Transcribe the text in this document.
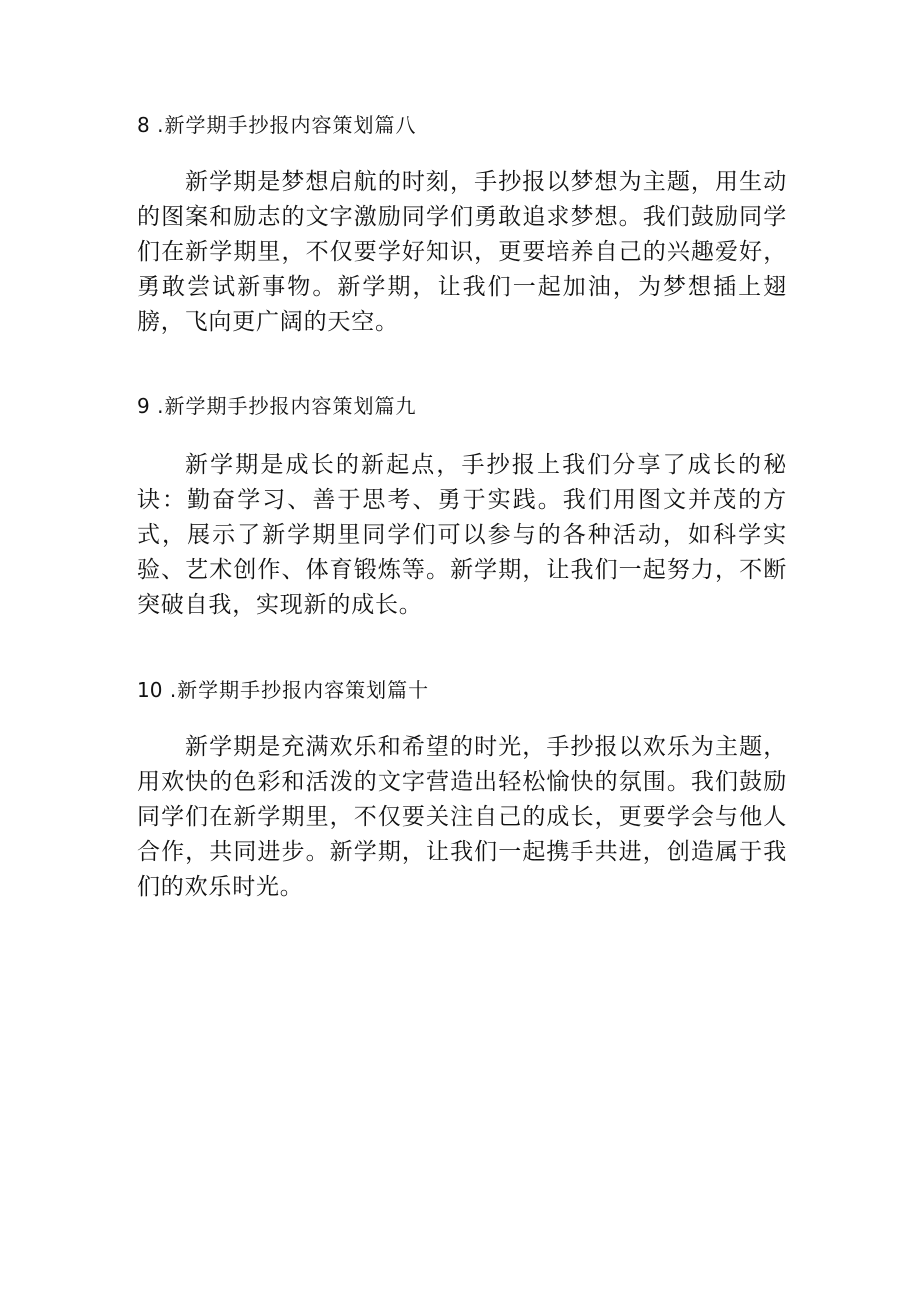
8 .新学期手抄报内容策划篇八

新学期是梦想启航的时刻，手抄报以梦想为主题，用生动的图案和励志的文字激励同学们勇敢追求梦想。我们鼓励同学们在新学期里，不仅要学好知识，更要培养自己的兴趣爱好，勇敢尝试新事物。新学期，让我们一起加油，为梦想插上翅膀，飞向更广阔的天空。

9 .新学期手抄报内容策划篇九

新学期是成长的新起点，手抄报上我们分享了成长的秘诀：勤奋学习、善于思考、勇于实践。我们用图文并茂的方式，展示了新学期里同学们可以参与的各种活动，如科学实验、艺术创作、体育锻炼等。新学期，让我们一起努力，不断突破自我，实现新的成长。

10 .新学期手抄报内容策划篇十

新学期是充满欢乐和希望的时光，手抄报以欢乐为主题，用欢快的色彩和活泼的文字营造出轻松愉快的氛围。我们鼓励同学们在新学期里，不仅要关注自己的成长，更要学会与他人合作，共同进步。新学期，让我们一起携手共进，创造属于我们的欢乐时光。
